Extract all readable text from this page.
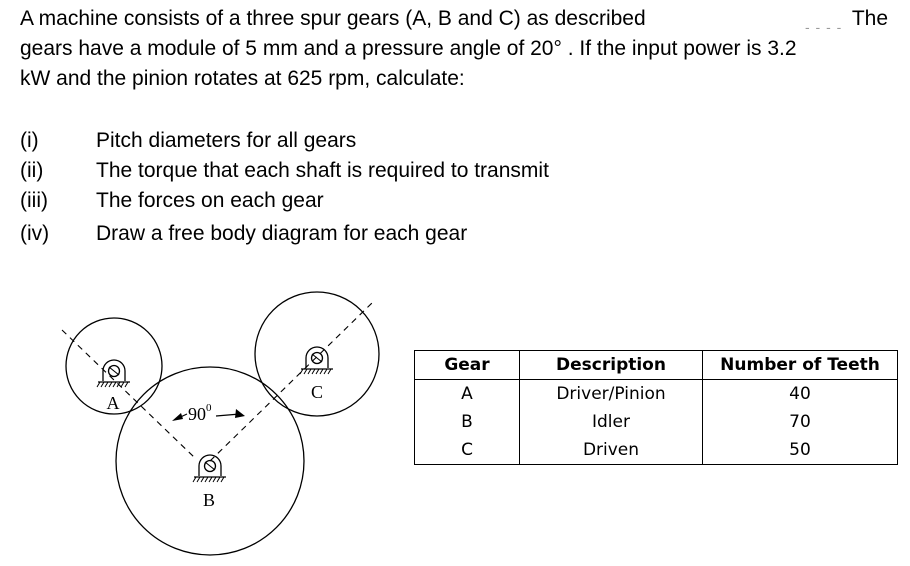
A machine consists of a three spur gears (A, B and C) as described	- - - - The
gears have a module of 5 mm and a pressure angle of 20° . If the input power is 3.2
kW and the pinion rotates at 625 rpm, calculate:
(i)	Pitch diameters for all gears
(ii)	The torque that each shaft is required to transmit
(iii) The forces on each gear
(iv) Draw a free body diagram for each gear
A
B
C
90 0
Gear	Description	Number of Teeth
A	Driver/Pinion	40
B	Idler	70
C	Driven	50
